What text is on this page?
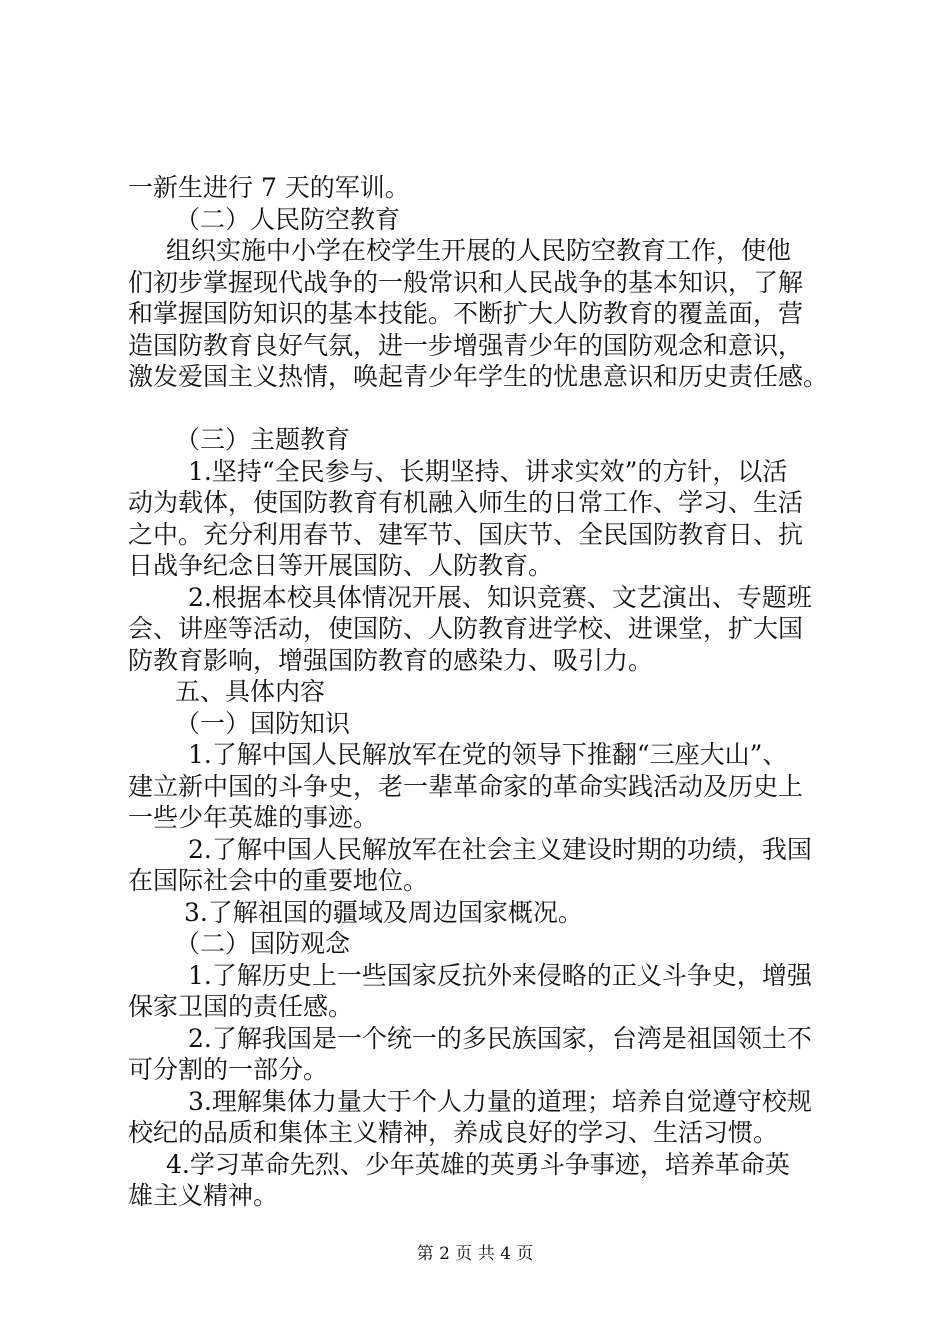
一新生进行 7 天的军训。
（二）人民防空教育
组织实施中小学在校学生开展的人民防空教育工作，使他
们初步掌握现代战争的一般常识和人民战争的基本知识，了解
和掌握国防知识的基本技能。不断扩大人防教育的覆盖面，营
造国防教育良好气氛，进一步增强青少年的国防观念和意识，
激发爱国主义热情，唤起青少年学生的忧患意识和历史责任感。
（三）主题教育
1.坚持“全民参与、长期坚持、讲求实效”的方针，以活
动为载体，使国防教育有机融入师生的日常工作、学习、生活
之中。充分利用春节、建军节、国庆节、全民国防教育日、抗
日战争纪念日等开展国防、人防教育。
2.根据本校具体情况开展、知识竞赛、文艺演出、专题班
会、讲座等活动，使国防、人防教育进学校、进课堂，扩大国
防教育影响，增强国防教育的感染力、吸引力。
五、具体内容
（一）国防知识
1.了解中国人民解放军在党的领导下推翻“三座大山”、
建立新中国的斗争史，老一辈革命家的革命实践活动及历史上
一些少年英雄的事迹。
2.了解中国人民解放军在社会主义建设时期的功绩，我国
在国际社会中的重要地位。
3.了解祖国的疆域及周边国家概况。
（二）国防观念
1.了解历史上一些国家反抗外来侵略的正义斗争史，增强
保家卫国的责任感。
2.了解我国是一个统一的多民族国家，台湾是祖国领土不
可分割的一部分。
3.理解集体力量大于个人力量的道理；培养自觉遵守校规
校纪的品质和集体主义精神，养成良好的学习、生活习惯。
4.学习革命先烈、少年英雄的英勇斗争事迹，培养革命英
雄主义精神。
第 2 页 共 4 页
